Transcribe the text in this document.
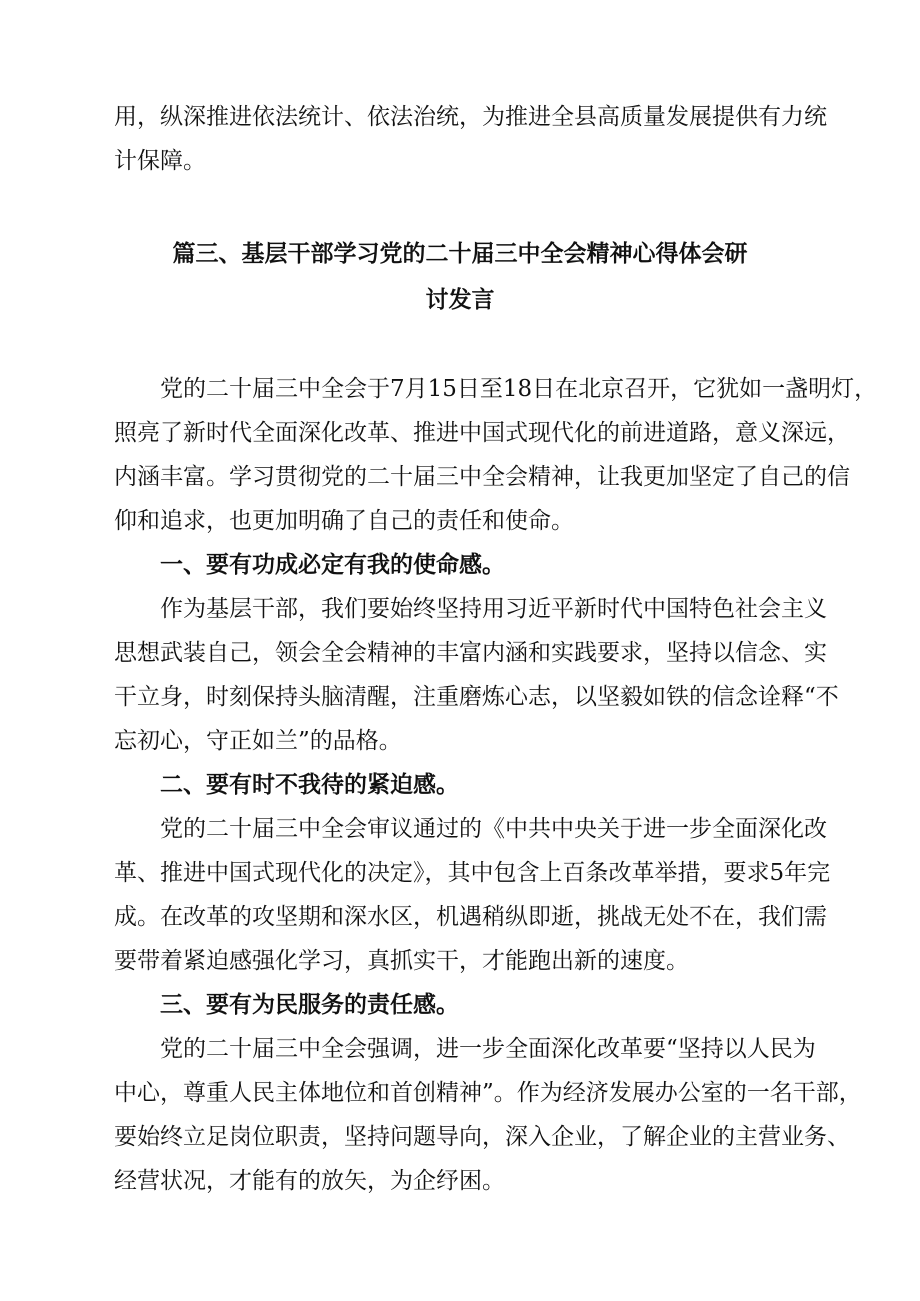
用，纵深推进依法统计、依法治统，为推进全县高质量发展提供有力统

计保障。

篇三、基层干部学习党的二十届三中全会精神心得体会研

讨发言

党的二十届三中全会于7月15日至18日在北京召开，它犹如一盏明灯，

照亮了新时代全面深化改革、推进中国式现代化的前进道路，意义深远，

内涵丰富。学习贯彻党的二十届三中全会精神，让我更加坚定了自己的信

仰和追求，也更加明确了自己的责任和使命。

一、要有功成必定有我的使命感。

作为基层干部，我们要始终坚持用习近平新时代中国特色社会主义

思想武装自己，领会全会精神的丰富内涵和实践要求，坚持以信念、实

干立身，时刻保持头脑清醒，注重磨炼心志，以坚毅如铁的信念诠释“不

忘初心，守正如兰”的品格。

二、要有时不我待的紧迫感。

党的二十届三中全会审议通过的《中共中央关于进一步全面深化改

革、推进中国式现代化的决定》，其中包含上百条改革举措，要求5年完

成。在改革的攻坚期和深水区，机遇稍纵即逝，挑战无处不在，我们需

要带着紧迫感强化学习，真抓实干，才能跑出新的速度。

三、要有为民服务的责任感。

党的二十届三中全会强调，进一步全面深化改革要“坚持以人民为

中心，尊重人民主体地位和首创精神”。作为经济发展办公室的一名干部，

要始终立足岗位职责，坚持问题导向，深入企业，了解企业的主营业务、

经营状况，才能有的放矢，为企纾困。
